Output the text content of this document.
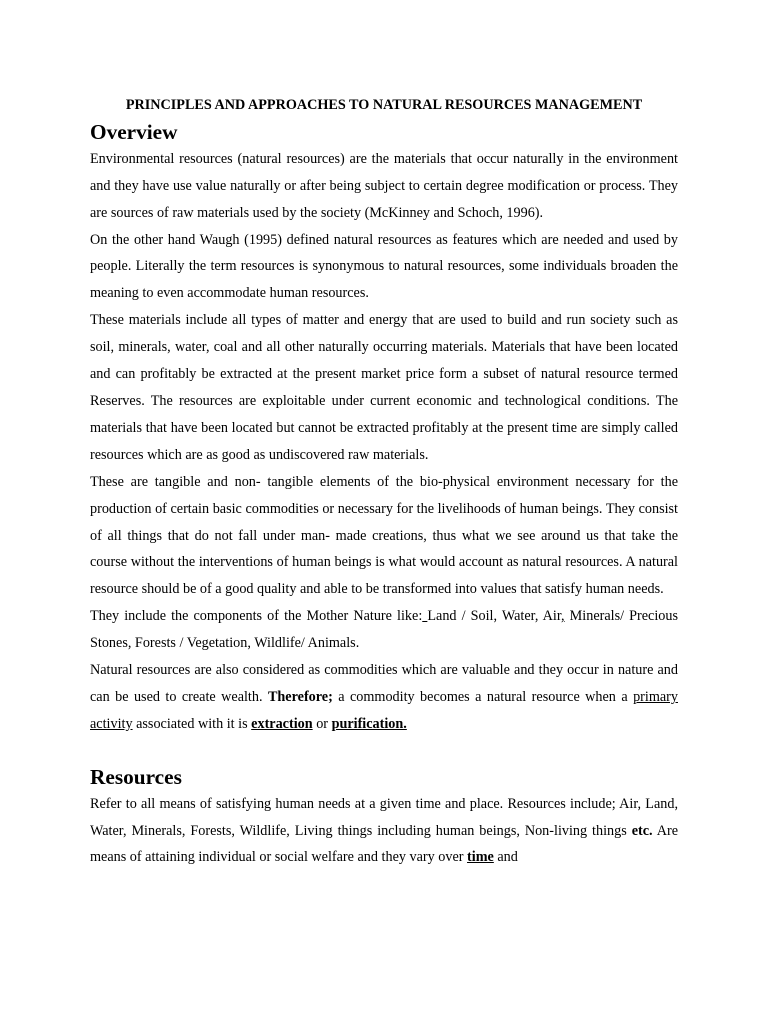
PRINCIPLES AND APPROACHES TO NATURAL RESOURCES MANAGEMENT
Overview

Environmental resources (natural resources) are the materials that occur naturally in the environment and they have use value naturally or after being subject to certain degree modification or process. They are sources of raw materials used by the society (McKinney and Schoch, 1996).

On the other hand Waugh (1995) defined natural resources as features which are needed and used by people. Literally the term resources is synonymous to natural resources, some individuals broaden the meaning to even accommodate human resources.

These materials include all types of matter and energy that are used to build and run society such as soil, minerals, water, coal and all other naturally occurring materials. Materials that have been located and can profitably be extracted at the present market price form a subset of natural resource termed Reserves. The resources are exploitable under current economic and technological conditions. The materials that have been located but cannot be extracted profitably at the present time are simply called resources which are as good as undiscovered raw materials.

These are tangible and non- tangible elements of the bio-physical environment necessary for the production of certain basic commodities or necessary for the livelihoods of human beings. They consist of all things that do not fall under man- made creations, thus what we see around us that take the course without the interventions of human beings is what would account as natural resources. A natural resource should be of a good quality and able to be transformed into values that satisfy human needs.

They include the components of the Mother Nature like: Land / Soil, Water, Air, Minerals/ Precious Stones, Forests / Vegetation, Wildlife/ Animals.

Natural resources are also considered as commodities which are valuable and they occur in nature and can be used to create wealth. Therefore; a commodity becomes a natural resource when a primary activity associated with it is extraction or purification.

Resources

Refer to all means of satisfying human needs at a given time and place. Resources include; Air, Land, Water, Minerals, Forests, Wildlife, Living things including human beings, Non-living things etc. Are means of attaining individual or social welfare and they vary over time and
